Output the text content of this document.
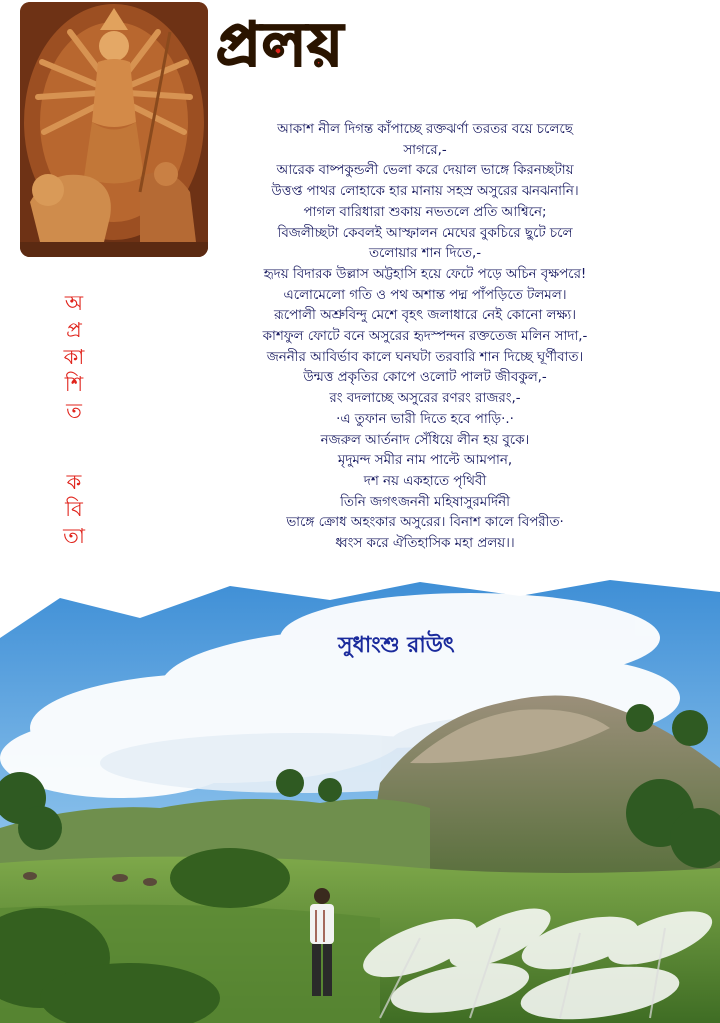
প্রলয়
অ
প্র
কা
শি
ত
ক
বি
তা
আকাশ নীল দিগন্ত কাঁপাচ্ছে রক্তঝর্ণা তরতর বয়ে চলেছে
সাগরে,-
আরেক বাষ্পকুন্ডলী ভেলা করে দেয়াল ভাঙ্গে কিরনচ্ছটায়
উত্তপ্ত পাথর লোহাকে হার মানায় সহস্র অসুরের ঝনঝনানি।
পাগল বারিধারা শুকায় নভতলে প্রতি আশ্বিনে;
বিজলীচ্ছটা কেবলই আস্ফালন মেঘের বুকচিরে ছুটে চলে
তলোয়ার শান দিতে,-
হৃদয় বিদারক উল্লাস অট্টহাসি হয়ে ফেটে পড়ে অচিন বৃক্ষপরে!
এলোমেলো গতি ও পথ অশান্ত পদ্ম পাঁপড়িতে টলমল।
রূপোলী অশ্রুবিন্দু মেশে বৃহৎ জলাধারে নেই কোনো লক্ষ্য।
কাশফুল ফোটে বনে অসুরের হৃদস্পন্দন রক্ততেজ মলিন সাদা,-
জননীর আবির্ভাব কালে ঘনঘটা তরবারি শান দিচ্ছে ঘূর্ণীবাত।
উন্মত্ত প্রকৃতির কোপে ওলোট পালট জীবকুল,-
রং বদলাচ্ছে অসুরের রণরং রাজরং,-
·এ তুফান ভারী দিতে হবে পাড়ি·.·
নজরুল আর্তনাদ সেঁধিয়ে লীন হয় বুকে।
মৃদুমন্দ সমীর নাম পাল্টে আমপান,
দশ নয় একহাতে পৃথিবী
তিনি জগৎজননী মহিষাসুরমর্দিনী
ভাঙ্গে ক্রোধ অহংকার অসুরের। বিনাশ কালে বিপরীত·
ধ্বংস করে ঐতিহাসিক মহা প্রলয়।।
সুধাংশু রাউৎ
